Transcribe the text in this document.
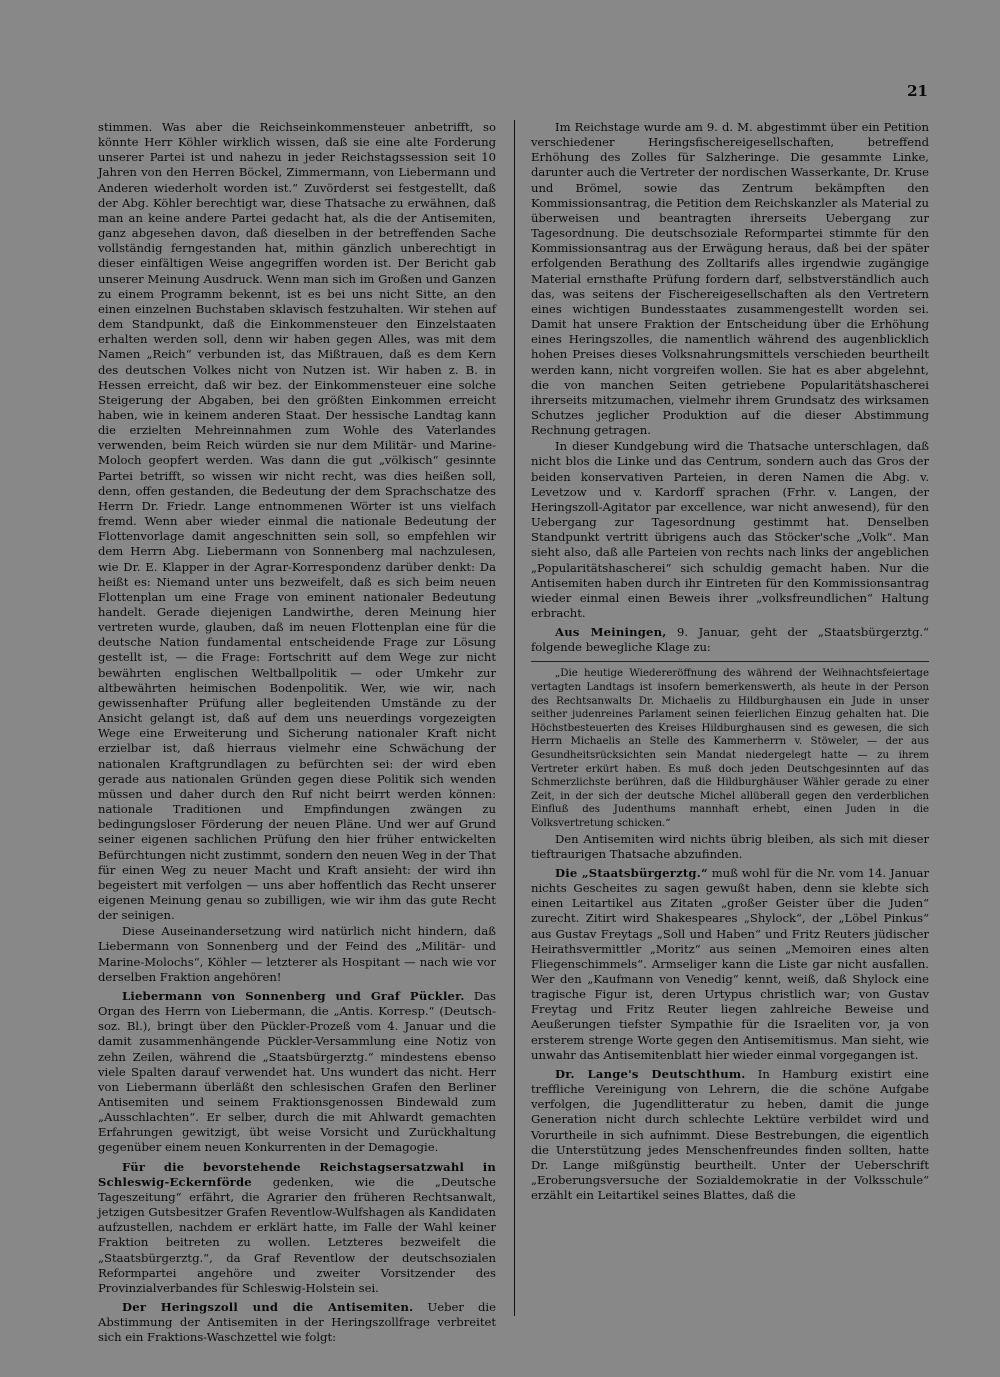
21

stimmen. Was aber die Reichseinkommensteuer anbetrifft, so könnte Herr Köhler wirklich wissen, daß sie eine alte Forderung unserer Partei ist und nahezu in jeder Reichstagssession seit 10 Jahren von den Herren Böckel, Zimmermann, von Liebermann und Anderen wiederholt worden ist.“ Zuvörderst sei festgestellt, daß der Abg. Köhler berechtigt war, diese Thatsache zu erwähnen, daß man an keine andere Partei gedacht hat, als die der Antisemiten, ganz abgesehen davon, daß dieselben in der betreffenden Sache vollständig ferngestanden hat, mithin gänzlich unberechtigt in dieser einfältigen Weise angegriffen worden ist. Der Bericht gab unserer Meinung Ausdruck. Wenn man sich im Großen und Ganzen zu einem Programm bekennt, ist es bei uns nicht Sitte, an den einen einzelnen Buchstaben sklavisch festzuhalten. Wir stehen auf dem Standpunkt, daß die Einkommensteuer den Einzelstaaten erhalten werden soll, denn wir haben gegen Alles, was mit dem Namen „Reich“ verbunden ist, das Mißtrauen, daß es dem Kern des deutschen Volkes nicht von Nutzen ist. Wir haben z. B. in Hessen erreicht, daß wir bez. der Einkommensteuer eine solche Steigerung der Abgaben, bei den größten Einkommen erreicht haben, wie in keinem anderen Staat. Der hessische Landtag kann die erzielten Mehreinnahmen zum Wohle des Vaterlandes verwenden, beim Reich würden sie nur dem Militär- und Marine-Moloch geopfert werden. Was dann die gut „völkisch“ gesinnte Partei betrifft, so wissen wir nicht recht, was dies heißen soll, denn, offen gestanden, die Bedeutung der dem Sprachschatze des Herrn Dr. Friedr. Lange entnommenen Wörter ist uns vielfach fremd. Wenn aber wieder einmal die nationale Bedeutung der Flottenvorlage damit angeschnitten sein soll, so empfehlen wir dem Herrn Abg. Liebermann von Sonnenberg mal nachzulesen, wie Dr. E. Klapper in der Agrar-Korrespondenz darüber denkt: Da heißt es: Niemand unter uns bezweifelt, daß es sich beim neuen Flottenplan um eine Frage von eminent nationaler Bedeutung handelt. Gerade diejenigen Landwirthe, deren Meinung hier vertreten wurde, glauben, daß im neuen Flottenplan eine für die deutsche Nation fundamental entscheidende Frage zur Lösung gestellt ist, — die Frage: Fortschritt auf dem Wege zur nicht bewährten englischen Weltballpolitik — oder Umkehr zur altbewährten heimischen Bodenpolitik. Wer, wie wir, nach gewissenhafter Prüfung aller begleitenden Umstände zu der Ansicht gelangt ist, daß auf dem uns neuerdings vorgezeigten Wege eine Erweiterung und Sicherung nationaler Kraft nicht erzielbar ist, daß hierraus vielmehr eine Schwächung der nationalen Kraftgrundlagen zu befürchten sei: der wird eben gerade aus nationalen Gründen gegen diese Politik sich wenden müssen und daher durch den Ruf nicht beirrt werden können: nationale Traditionen und Empfindungen zwängen zu bedingungsloser Förderung der neuen Pläne. Und wer auf Grund seiner eigenen sachlichen Prüfung den hier früher entwickelten Befürchtungen nicht zustimmt, sondern den neuen Weg in der That für einen Weg zu neuer Macht und Kraft ansieht: der wird ihn begeistert mit verfolgen — uns aber hoffentlich das Recht unserer eigenen Meinung genau so zubilligen, wie wir ihm das gute Recht der seinigen.

Diese Auseinandersetzung wird natürlich nicht hindern, daß Liebermann von Sonnenberg und der Feind des „Militär- und Marine-Molochs“, Köhler — letzterer als Hospitant — nach wie vor derselben Fraktion angehören!

Liebermann von Sonnenberg und Graf Pückler. Das Organ des Herrn von Liebermann, die „Antis. Korresp.“ (Deutsch-soz. Bl.), bringt über den Pückler-Prozeß vom 4. Januar und die damit zusammenhängende Pückler-Versammlung eine Notiz von zehn Zeilen, während die „Staatsbürgerztg.“ mindestens ebenso viele Spalten darauf verwendet hat. Uns wundert das nicht. Herr von Liebermann überläßt den schlesischen Grafen den Berliner Antisemiten und seinem Fraktionsgenossen Bindewald zum „Ausschlachten“. Er selber, durch die mit Ahlwardt gemachten Erfahrungen gewitzigt, übt weise Vorsicht und Zurückhaltung gegenüber einem neuen Konkurrenten in der Demagogie.

Für die bevorstehende Reichstagsersatzwahl in Schleswig-Eckernförde gedenken, wie die „Deutsche Tageszeitung“ erfährt, die Agrarier den früheren Rechtsanwalt, jetzigen Gutsbesitzer Grafen Reventlow-Wulfshagen als Kandidaten aufzustellen, nachdem er erklärt hatte, im Falle der Wahl keiner Fraktion beitreten zu wollen. Letzteres bezweifelt die „Staatsbürgerztg.“, da Graf Reventlow der deutschsozialen Reformpartei angehöre und zweiter Vorsitzender des Provinzialverbandes für Schleswig-Holstein sei.

Der Heringszoll und die Antisemiten. Ueber die Abstimmung der Antisemiten in der Heringszollfrage verbreitet sich ein Fraktions-Waschzettel wie folgt:

Im Reichstage wurde am 9. d. M. abgestimmt über ein Petition verschiedener Heringsfischereigesellschaften, betreffend Erhöhung des Zolles für Salzheringe. Die gesammte Linke, darunter auch die Vertreter der nordischen Wasserkante, Dr. Kruse und Brömel, sowie das Zentrum bekämpften den Kommissionsantrag, die Petition dem Reichskanzler als Material zu überweisen und beantragten ihrerseits Uebergang zur Tagesordnung. Die deutschsoziale Reformpartei stimmte für den Kommissionsantrag aus der Erwägung heraus, daß bei der später erfolgenden Berathung des Zolltarifs alles irgendwie zugängige Material ernsthafte Prüfung fordern darf, selbstverständlich auch das, was seitens der Fischereigesellschaften als den Vertretern eines wichtigen Bundesstaates zusammengestellt worden sei. Damit hat unsere Fraktion der Entscheidung über die Erhöhung eines Heringszolles, die namentlich während des augenblicklich hohen Preises dieses Volksnahrungsmittels verschieden beurtheilt werden kann, nicht vorgreifen wollen. Sie hat es aber abgelehnt, die von manchen Seiten getriebene Popularitätshascherei ihrerseits mitzumachen, vielmehr ihrem Grundsatz des wirksamen Schutzes jeglicher Produktion auf die dieser Abstimmung Rechnung getragen.

In dieser Kundgebung wird die Thatsache unterschlagen, daß nicht blos die Linke und das Centrum, sondern auch das Gros der beiden konservativen Parteien, in deren Namen die Abg. v. Levetzow und v. Kardorff sprachen (Frhr. v. Langen, der Heringszoll-Agitator par excellence, war nicht anwesend), für den Uebergang zur Tagesordnung gestimmt hat. Denselben Standpunkt vertritt übrigens auch das Stöcker'sche „Volk“. Man sieht also, daß alle Parteien von rechts nach links der angeblichen „Popularitätshascherei“ sich schuldig gemacht haben. Nur die Antisemiten haben durch ihr Eintreten für den Kommissionsantrag wieder einmal einen Beweis ihrer „volksfreundlichen“ Haltung erbracht.

Aus Meiningen, 9. Januar, geht der „Staatsbürgerztg.“ folgende bewegliche Klage zu:

„Die heutige Wiedereröffnung des während der Weihnachtsfeiertage vertagten Landtags ist insofern bemerkenswerth, als heute in der Person des Rechtsanwalts Dr. Michaelis zu Hildburghausen ein Jude in unser seither judenreines Parlament seinen feierlichen Einzug gehalten hat. Die Höchstbesteuerten des Kreises Hildburghausen sind es gewesen, die sich Herrn Michaelis an Stelle des Kammerherrn v. Stöweler, — der aus Gesundheitsrücksichten sein Mandat niedergelegt hatte — zu ihrem Vertreter erkürt haben. Es muß doch jeden Deutschgesinnten auf das Schmerzlichste berühren, daß die Hildburghäuser Wähler gerade zu einer Zeit, in der sich der deutsche Michel allüberall gegen den verderblichen Einfluß des Judenthums mannhaft erhebt, einen Juden in die Volksvertretung schicken.“

Den Antisemiten wird nichts übrig bleiben, als sich mit dieser tieftraurigen Thatsache abzufinden.

Die „Staatsbürgerztg.“ muß wohl für die Nr. vom 14. Januar nichts Gescheites zu sagen gewußt haben, denn sie klebte sich einen Leitartikel aus Zitaten „großer Geister über die Juden“ zurecht. Zitirt wird Shakespeares „Shylock“, der „Löbel Pinkus“ aus Gustav Freytags „Soll und Haben“ und Fritz Reuters jüdischer Heirathsvermittler „Moritz“ aus seinen „Memoiren eines alten Fliegenschimmels“. Armseliger kann die Liste gar nicht ausfallen. Wer den „Kaufmann von Venedig“ kennt, weiß, daß Shylock eine tragische Figur ist, deren Urtypus christlich war; von Gustav Freytag und Fritz Reuter liegen zahlreiche Beweise und Aeußerungen tiefster Sympathie für die Israeliten vor, ja von ersterem strenge Worte gegen den Antisemitismus. Man sieht, wie unwahr das Antisemitenblatt hier wieder einmal vorgegangen ist.

Dr. Lange's Deutschthum. In Hamburg existirt eine treffliche Vereinigung von Lehrern, die die schöne Aufgabe verfolgen, die Jugendlitteratur zu heben, damit die junge Generation nicht durch schlechte Lektüre verbildet wird und Vorurtheile in sich aufnimmt. Diese Bestrebungen, die eigentlich die Unterstützung jedes Menschenfreundes finden sollten, hatte Dr. Lange mißgünstig beurtheilt. Unter der Ueberschrift „Eroberungsversuche der Sozialdemokratie in der Volksschule“ erzählt ein Leitartikel seines Blattes, daß die
